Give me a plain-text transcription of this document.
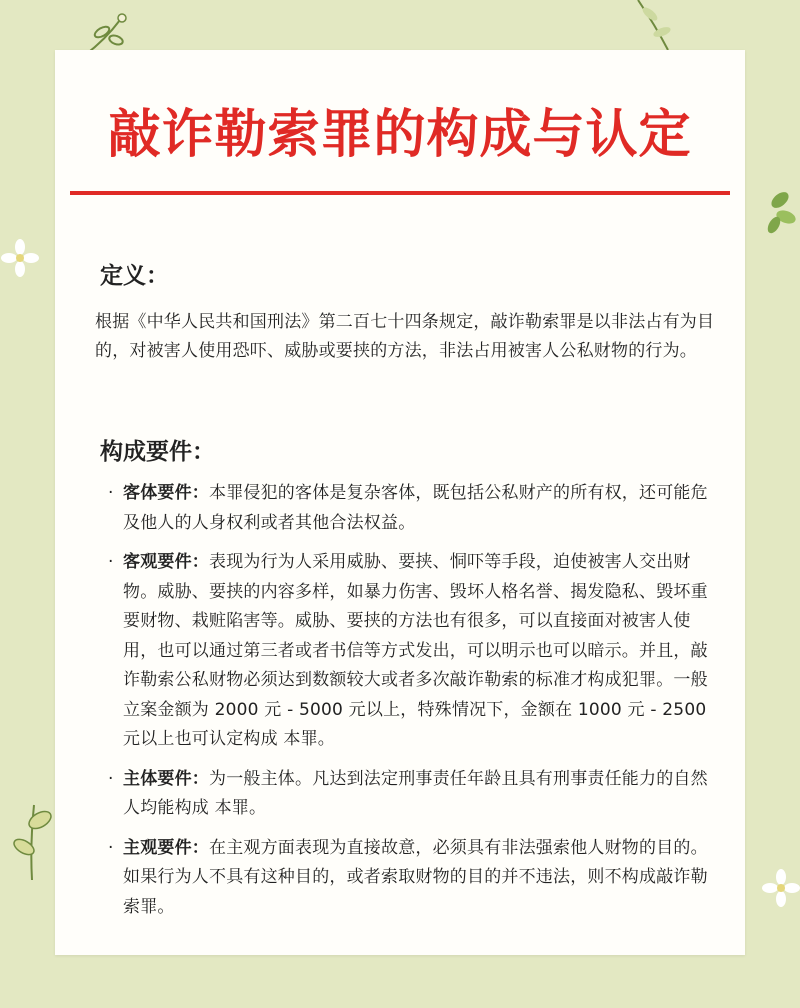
敲诈勒索罪的构成与认定
定义：
根据《中华人民共和国刑法》第二百七十四条规定，敲诈勒索罪是以非法占有为目的，对被害人使用恐吓、威胁或要挟的方法，非法占用被害人公私财物的行为。
构成要件：
· 客体要件：本罪侵犯的客体是复杂客体，既包括公私财产的所有权，还可能危及他人的人身权利或者其他合法权益。
· 客观要件：表现为行为人采用威胁、要挟、恫吓等手段，迫使被害人交出财物。威胁、要挟的内容多样，如暴力伤害、毁坏人格名誉、揭发隐私、毁坏重要财物、栽赃陷害等。威胁、要挟的方法也有很多，可以直接面对被害人使用，也可以通过第三者或者书信等方式发出，可以明示也可以暗示。并且，敲诈勒索公私财物必须达到数额较大或者多次敲诈勒索的标准才构成犯罪。一般立案金额为 2000 元 - 5000 元以上，特殊情况下，金额在 1000 元 - 2500 元以上也可认定构成 本罪。
· 主体要件：为一般主体。凡达到法定刑事责任年龄且具有刑事责任能力的自然人均能构成 本罪。
· 主观要件：在主观方面表现为直接故意，必须具有非法强索他人财物的目的。如果行为人不具有这种目的，或者索取财物的目的并不违法，则不构成敲诈勒索罪。
